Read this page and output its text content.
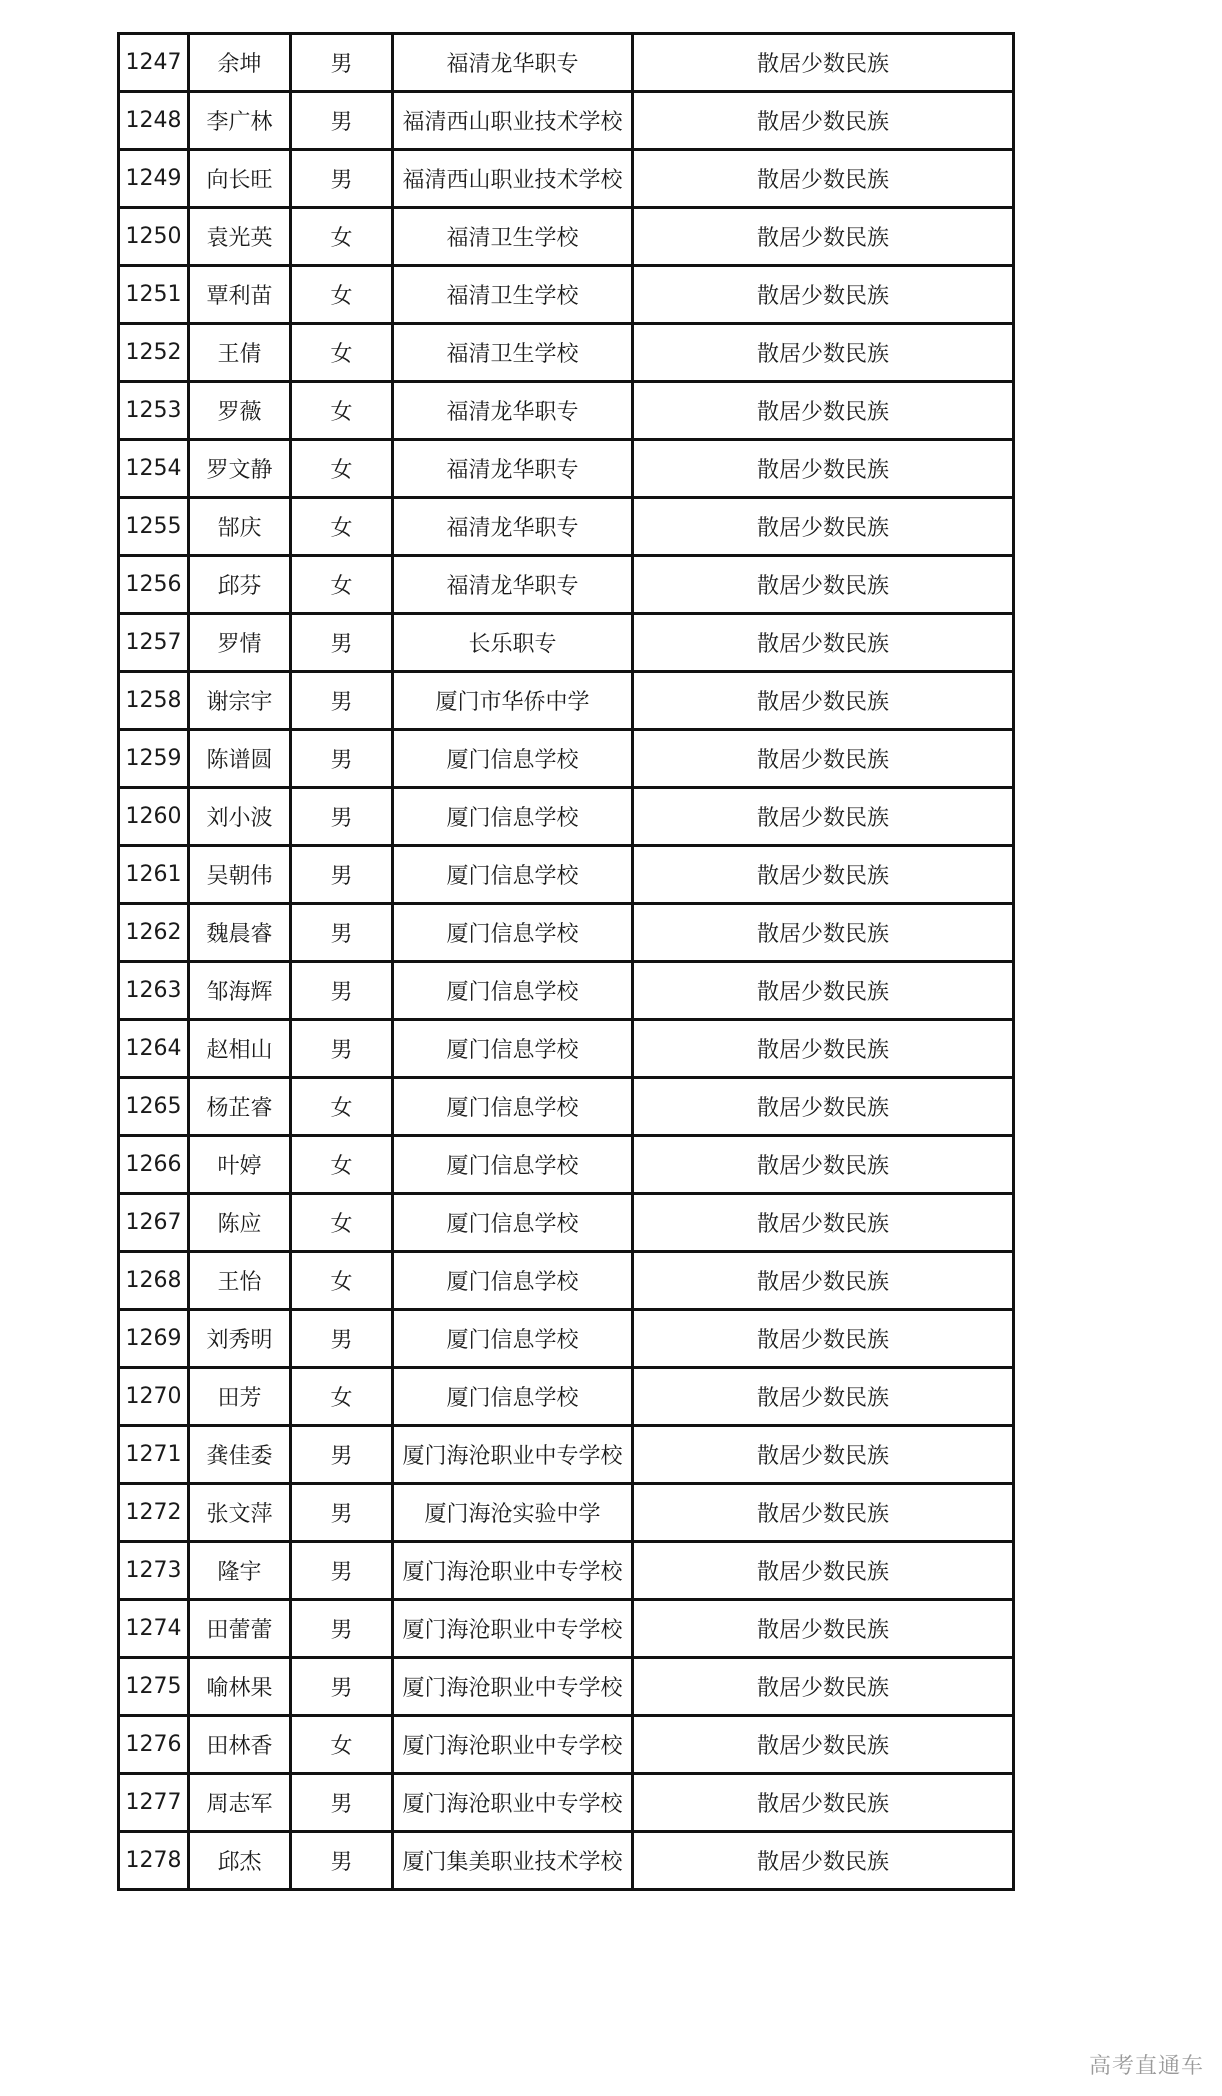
1247	余坤	男	福清龙华职专	散居少数民族
1248	李广林	男	福清西山职业技术学校	散居少数民族
1249	向长旺	男	福清西山职业技术学校	散居少数民族
1250	袁光英	女	福清卫生学校	散居少数民族
1251	覃利苗	女	福清卫生学校	散居少数民族
1252	王倩	女	福清卫生学校	散居少数民族
1253	罗薇	女	福清龙华职专	散居少数民族
1254	罗文静	女	福清龙华职专	散居少数民族
1255	郜庆	女	福清龙华职专	散居少数民族
1256	邱芬	女	福清龙华职专	散居少数民族
1257	罗情	男	长乐职专	散居少数民族
1258	谢宗宇	男	厦门市华侨中学	散居少数民族
1259	陈谱圆	男	厦门信息学校	散居少数民族
1260	刘小波	男	厦门信息学校	散居少数民族
1261	吴朝伟	男	厦门信息学校	散居少数民族
1262	魏晨睿	男	厦门信息学校	散居少数民族
1263	邹海辉	男	厦门信息学校	散居少数民族
1264	赵相山	男	厦门信息学校	散居少数民族
1265	杨芷睿	女	厦门信息学校	散居少数民族
1266	叶婷	女	厦门信息学校	散居少数民族
1267	陈应	女	厦门信息学校	散居少数民族
1268	王怡	女	厦门信息学校	散居少数民族
1269	刘秀明	男	厦门信息学校	散居少数民族
1270	田芳	女	厦门信息学校	散居少数民族
1271	龚佳委	男	厦门海沧职业中专学校	散居少数民族
1272	张文萍	男	厦门海沧实验中学	散居少数民族
1273	隆宇	男	厦门海沧职业中专学校	散居少数民族
1274	田蕾蕾	男	厦门海沧职业中专学校	散居少数民族
1275	喻林果	男	厦门海沧职业中专学校	散居少数民族
1276	田林香	女	厦门海沧职业中专学校	散居少数民族
1277	周志军	男	厦门海沧职业中专学校	散居少数民族
1278	邱杰	男	厦门集美职业技术学校	散居少数民族
高考直通车
